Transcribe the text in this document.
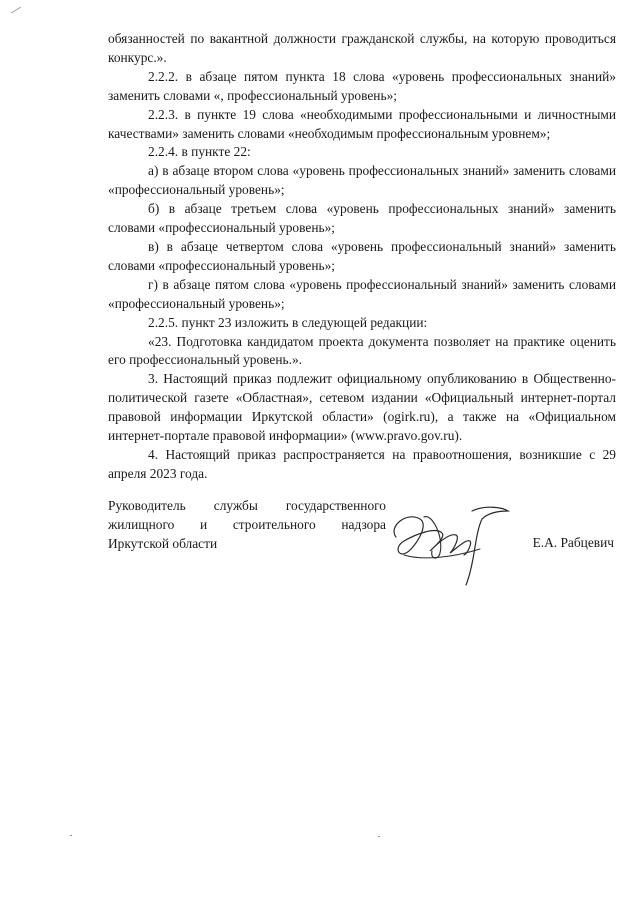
обязанностей по вакантной должности гражданской службы, на которую проводиться конкурс.».

2.2.2. в абзаце пятом пункта 18 слова «уровень профессиональных знаний» заменить словами «, профессиональный уровень»;

2.2.3. в пункте 19 слова «необходимыми профессиональными и личностными качествами» заменить словами «необходимым профессиональным уровнем»;

2.2.4. в пункте 22:

а) в абзаце втором слова «уровень профессиональных знаний» заменить словами «профессиональный уровень»;

б) в абзаце третьем слова «уровень профессиональных знаний» заменить словами «профессиональный уровень»;

в) в абзаце четвертом слова «уровень профессиональный знаний» заменить словами «профессиональный уровень»;

г) в абзаце пятом слова «уровень профессиональный знаний» заменить словами «профессиональный уровень»;

2.2.5. пункт 23 изложить в следующей редакции:

«23. Подготовка кандидатом проекта документа позволяет на практике оценить его профессиональный уровень.».

3. Настоящий приказ подлежит официальному опубликованию в Общественно-политической газете «Областная», сетевом издании «Официальный интернет-портал правовой информации Иркутской области» (ogirk.ru), а также на «Официальном интернет-портале правовой информации» (www.pravo.gov.ru).

4. Настоящий приказ распространяется на правоотношения, возникшие с 29 апреля 2023 года.

Руководитель службы государственного
жилищного и строительного надзора
Иркутской области	Е.А. Рабцевич
